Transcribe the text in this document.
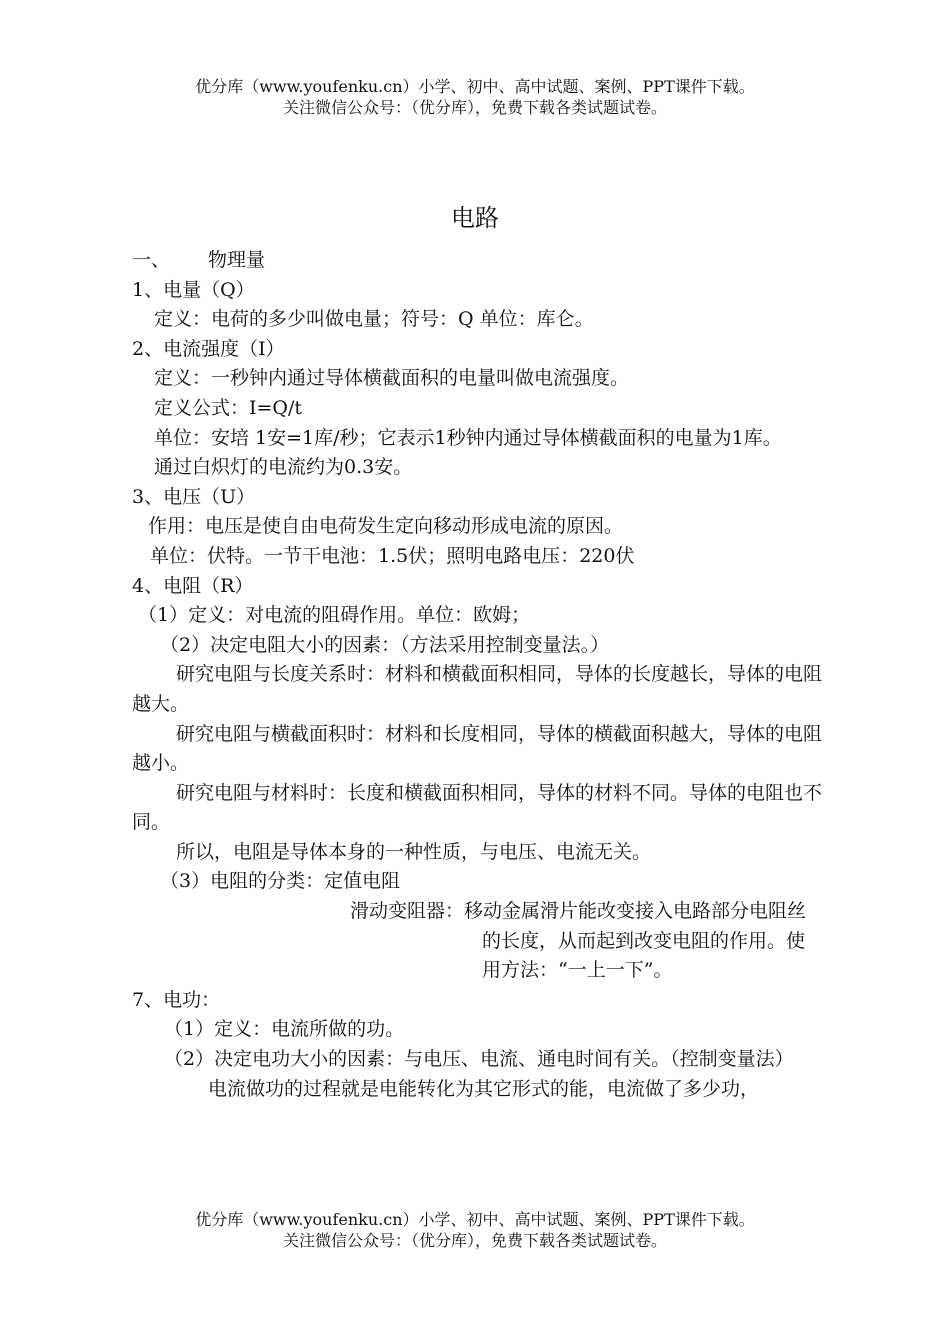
优分库（www.youfenku.cn）小学、初中、高中试题、案例、PPT课件下载。
关注微信公众号：（优分库），免费下载各类试题试卷。
电路
一、 物理量
1、电量（Q）
定义：电荷的多少叫做电量；符号：Q 单位：库仑。
2、电流强度（I）
定义：一秒钟内通过导体横截面积的电量叫做电流强度。
定义公式：I=Q/t
单位：安培 1安=1库/秒；它表示1秒钟内通过导体横截面积的电量为1库。
通过白炽灯的电流约为0.3安。
3、电压（U）
作用：电压是使自由电荷发生定向移动形成电流的原因。
单位：伏特。一节干电池：1.5伏；照明电路电压：220伏
4、电阻（R）
（1）定义：对电流的阻碍作用。单位：欧姆；
（2）决定电阻大小的因素：（方法采用控制变量法。）
研究电阻与长度关系时：材料和横截面积相同，导体的长度越长，导体的电阻越大。
研究电阻与横截面积时：材料和长度相同，导体的横截面积越大，导体的电阻越小。
研究电阻与材料时：长度和横截面积相同，导体的材料不同。导体的电阻也不同。
所以，电阻是导体本身的一种性质，与电压、电流无关。
（3）电阻的分类：定值电阻
滑动变阻器：移动金属滑片能改变接入电路部分电阻丝的长度，从而起到改变电阻的作用。使用方法：“一上一下”。
7、电功：
（1）定义：电流所做的功。
（2）决定电功大小的因素：与电压、电流、通电时间有关。（控制变量法）
电流做功的过程就是电能转化为其它形式的能，电流做了多少功，
优分库（www.youfenku.cn）小学、初中、高中试题、案例、PPT课件下载。
关注微信公众号：（优分库），免费下载各类试题试卷。
